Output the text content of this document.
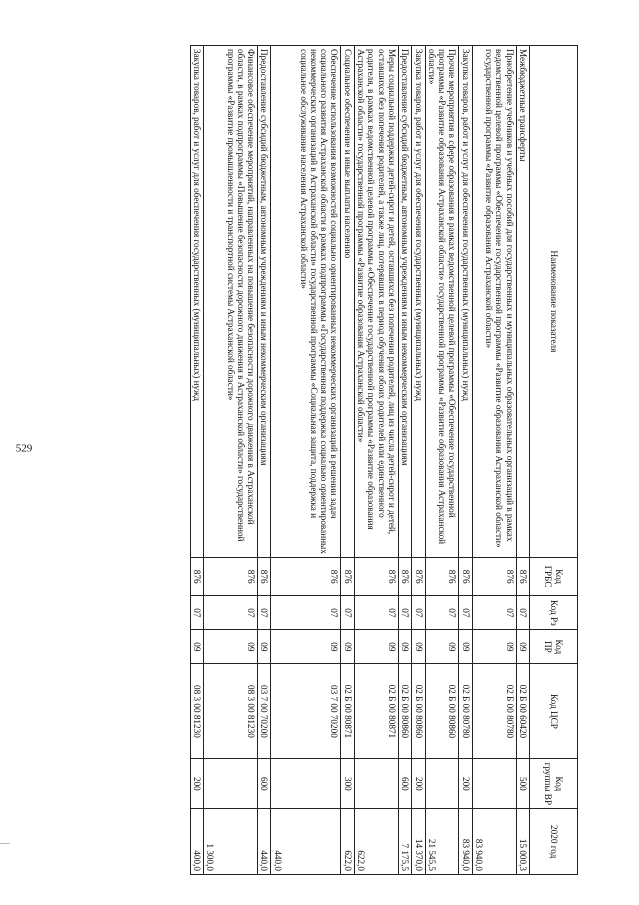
529
Наименование показателя	Код ГРБС	Код Рз	Код ПР	Код ЦСР	Код группы ВР	2020 год
Межбюджетные трансферты	876	07	09	02 Б 00 60420	500	15 000,3
Приобретение учебников и учебных пособий для государственных и муниципальных образовательных организаций в рамках ведомственной целевой программы «Обеспечение государственной программы «Развитие образования Астраханской области» государственной программы «Развитие образования Астраханской области»	876	07	09	02 Б 00 80780		83 940,0
Закупка товаров, работ и услуг для обеспечения государственных (муниципальных) нужд	876	07	09	02 Б 00 80780	200	83 940,0
Прочие мероприятия в сфере образования в рамках ведомственной целевой программы «Обеспечение государственной программы «Развитие образования Астраханской области» государственной программы «Развитие образования Астраханской области»	876	07	09	02 Б 00 80860		21 545,5
Закупка товаров, работ и услуг для обеспечения государственных (муниципальных) нужд	876	07	09	02 Б 00 80860	200	14 370,0
Предоставление субсидий бюджетным, автономным учреждениям и иным некоммерческим организациям	876	07	09	02 Б 00 80860	600	7 175,5
Меры социальной поддержки детей-сирот и детей, оставшихся без попечения родителей, лиц из числа детей-сирот и детей, оставшихся без попечения родителей, а также лиц, потерявших в период обучения обоих родителей или единственного родителя, в рамках ведомственной целевой программы «Обеспечение государственной программы «Развитие образования Астраханской области» государственной программы «Развитие образования Астраханской области»	876	07	09	02 Б 00 80871		622,0
Социальное обеспечение и иные выплаты населению	876	07	09	02 Б 00 80871	300	622,0
Обеспечение использования возможностей социально ориентированных некоммерческих организаций в решении задач социального развития Астраханской области в рамках подпрограммы «Государственная поддержка социально ориентированных некоммерческих организаций в Астраханской области» государственной программы «Социальная защита, поддержка и социальное обслуживание населения Астраханской области»	876	07	09	03 7 00 70200		440,0
Предоставление субсидий бюджетным, автономным учреждениям и иным некоммерческим организациям	876	07	09	03 7 00 70200	600	440,0
Финансовое обеспечение мероприятий, направленных на повышение безопасности дорожного движения в Астраханской области, в рамках подпрограммы «Повышение безопасности дорожного движения в Астраханской области» государственной программы «Развитие промышленности и транспортной системы Астраханской области»	876	07	09	08 3 00 81230		1 300,0
Закупка товаров, работ и услуг для обеспечения государственных (муниципальных) нужд	876	07	09	08 3 00 81230	200	400,0
